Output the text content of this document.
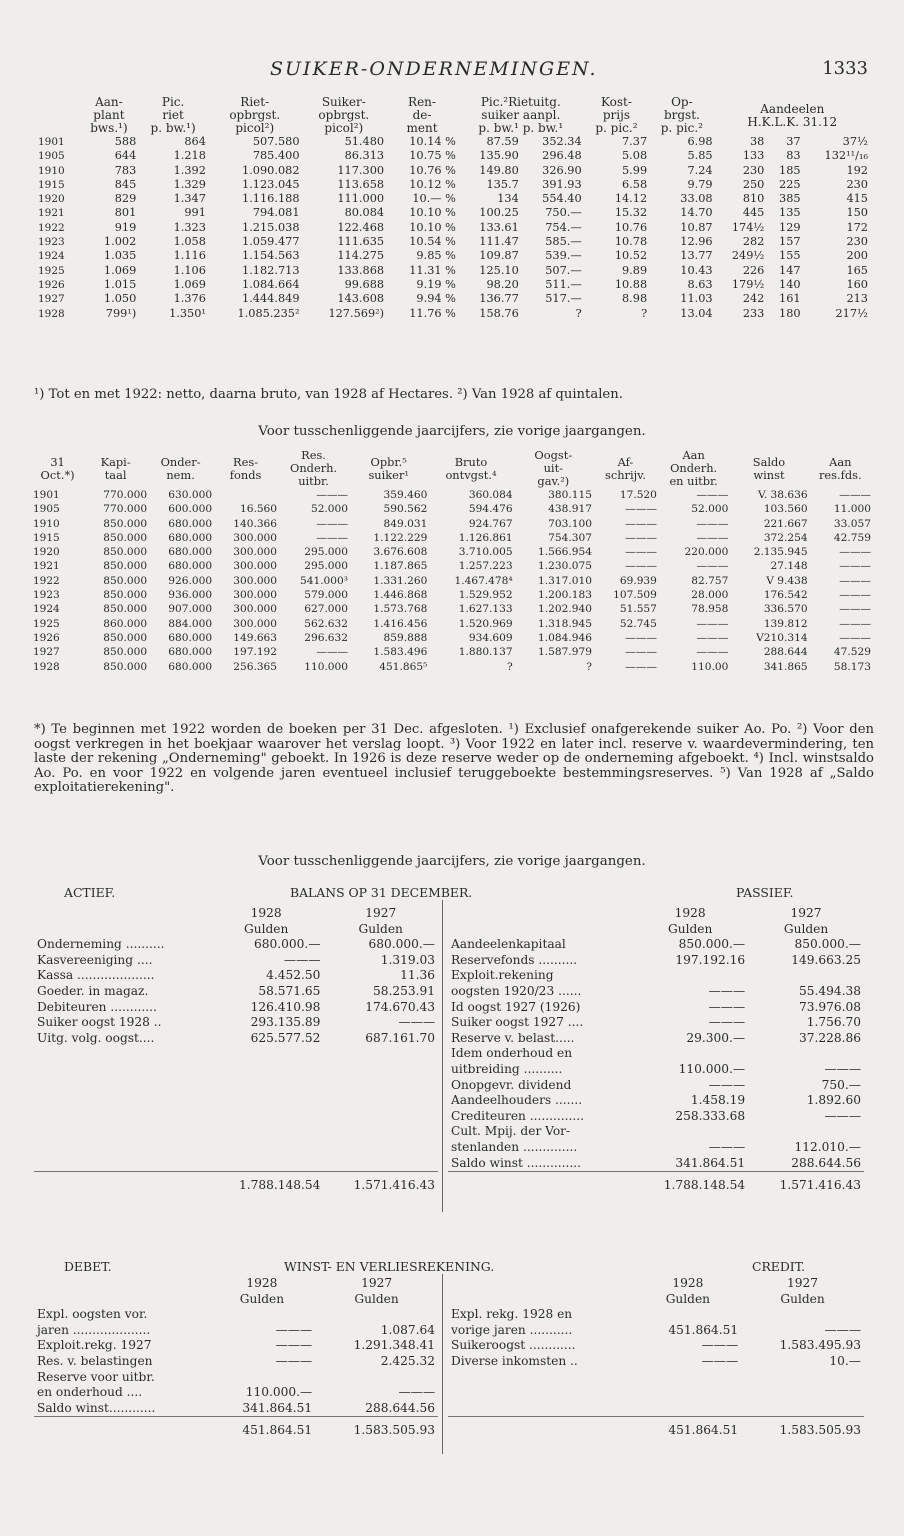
SUIKER-ONDERNEMINGEN.	1333
	Aan-
plant
bws.¹)	Pic.
riet
p. bw.¹)	Riet-
opbrgst.
picol²)	Suiker-
opbrgst.
picol²)	Ren-
de-
ment	Pic.²Rietuitg.
suiker aanpl.
p. bw.¹ p. bw.¹		Kost-
prijs
p. pic.²	Op-
brgst.
p. pic.²	Aandeelen
H.K.L.K. 31.12		
1901	588	864	507.580	51.480	10.14 %	87.59	352.34	7.37	6.98	38	37	37½
1905	644	1.218	785.400	86.313	10.75 %	135.90	296.48	5.08	5.85	133	83	132¹¹/₁₆
1910	783	1.392	1.090.082	117.300	10.76 %	149.80	326.90	5.99	7.24	230	185	192
1915	845	1.329	1.123.045	113.658	10.12 %	135.7	391.93	6.58	9.79	250	225	230
1920	829	1.347	1.116.188	111.000	10.— %	134	554.40	14.12	33.08	810	385	415
1921	801	991	794.081	80.084	10.10 %	100.25	750.—	15.32	14.70	445	135	150
1922	919	1.323	1.215.038	122.468	10.10 %	133.61	754.—	10.76	10.87	174½	129	172
1923	1.002	1.058	1.059.477	111.635	10.54 %	111.47	585.—	10.78	12.96	282	157	230
1924	1.035	1.116	1.154.563	114.275	9.85 %	109.87	539.—	10.52	13.77	249½	155	200
1925	1.069	1.106	1.182.713	133.868	11.31 %	125.10	507.—	9.89	10.43	226	147	165
1926	1.015	1.069	1.084.664	99.688	9.19 %	98.20	511.—	10.88	8.63	179½	140	160
1927	1.050	1.376	1.444.849	143.608	9.94 %	136.77	517.—	8.98	11.03	242	161	213
1928	799¹)	1.350¹	1.085.235²	127.569²)	11.76 %	158.76	?	?	13.04	233	180	217½
¹) Tot en met 1922: netto, daarna bruto, van 1928 af Hectares. ²) Van 1928 af quintalen.
Voor tusschenliggende jaarcijfers, zie vorige jaargangen.
31
Oct.*)	Kapi-
taal	Onder-
nem.	Res-
fonds	Res.
Onderh.
uitbr.	Opbr.⁵
suiker¹	Bruto
ontvgst.⁴	Oogst-
uit-
gav.²)	Af-
schrijv.	Aan
Onderh.
en uitbr.	Saldo
winst	Aan
res.fds.
1901	770.000	630.000		———	359.460	360.084	380.115	17.520	———	V. 38.636	———
1905	770.000	600.000	16.560	52.000	590.562	594.476	438.917	———	52.000	103.560	11.000
1910	850.000	680.000	140.366	———	849.031	924.767	703.100	———	———	221.667	33.057
1915	850.000	680.000	300.000	———	1.122.229	1.126.861	754.307	———	———	372.254	42.759
1920	850.000	680.000	300.000	295.000	3.676.608	3.710.005	1.566.954	———	220.000	2.135.945	———
1921	850.000	680.000	300.000	295.000	1.187.865	1.257.223	1.230.075	———	———	27.148	———
1922	850.000	926.000	300.000	541.000³	1.331.260	1.467.478⁴	1.317.010	69.939	82.757	V 9.438	———
1923	850.000	936.000	300.000	579.000	1.446.868	1.529.952	1.200.183	107.509	28.000	176.542	———
1924	850.000	907.000	300.000	627.000	1.573.768	1.627.133	1.202.940	51.557	78.958	336.570	———
1925	860.000	884.000	300.000	562.632	1.416.456	1.520.969	1.318.945	52.745	———	139.812	———
1926	850.000	680.000	149.663	296.632	859.888	934.609	1.084.946	———	———	V210.314	———
1927	850.000	680.000	197.192	———	1.583.496	1.880.137	1.587.979	———	———	288.644	47.529
1928	850.000	680.000	256.365	110.000	451.865⁵	?	?	———	110.00	341.865	58.173
*) Te beginnen met 1922 worden de boeken per 31 Dec. afgesloten. ¹) Exclusief onafgerekende suiker Ao. Po. ²) Voor den oogst verkregen in het boekjaar waarover het verslag loopt. ³) Voor 1922 en later incl. reserve v. waardevermindering, ten laste der rekening „Onderneming" geboekt. In 1926 is deze reserve weder op de onderneming afgeboekt. ⁴) Incl. winstsaldo Ao. Po. en voor 1922 en volgende jaren eventueel inclusief teruggeboekte bestemmingsreserves. ⁵) Van 1928 af „Saldo exploitatierekening".
Voor tusschenliggende jaarcijfers, zie vorige jaargangen.
ACTIEF.	BALANS OP 31 DECEMBER.	PASSIEF.
	1928	1927
	Gulden	Gulden
Onderneming ..........	680.000.—	680.000.—
Kasvereeniging ....	———	1.319.03
Kassa ....................	4.452.50	11.36
Goeder. in magaz.	58.571.65	58.253.91
Debiteuren ............	126.410.98	174.670.43
Suiker oogst 1928 ..	293.135.89	———
Uitg. volg. oogst....	625.577.52	687.161.70

	1.788.148.54	1.571.416.43
	1928	1927
	Gulden	Gulden
Aandeelenkapitaal	850.000.—	850.000.—
Reservefonds ..........	197.192.16	149.663.25
Exploit.rekening		
oogsten 1920/23 ......	———	55.494.38
Id oogst 1927 (1926)	———	73.976.08
Suiker oogst 1927 ....	———	1.756.70
Reserve v. belast.....	29.300.—	37.228.86
Idem onderhoud en		
uitbreiding ..........	110.000.—	———
Onopgevr. dividend	———	750.—
Aandeelhouders .......	1.458.19	1.892.60
Crediteuren ..............	258.333.68	———
Cult. Mpij. der Vor-		
stenlanden ..............	———	112.010.—
Saldo winst ..............	341.864.51	288.644.56
	1.788.148.54	1.571.416.43
DEBET.	WINST- EN VERLIESREKENING.	CREDIT.
	1928	1927
	Gulden	Gulden
Expl. oogsten vor.		
jaren ....................	———	1.087.64
Exploit.rekg. 1927	———	1.291.348.41
Res. v. belastingen	———	2.425.32
Reserve voor uitbr.		
en onderhoud ....	110.000.—	———
Saldo winst............	341.864.51	288.644.56
	451.864.51	1.583.505.93
	1928	1927
	Gulden	Gulden
Expl. rekg. 1928 en		
vorige jaren ...........	451.864.51	———
Suikeroogst ............	———	1.583.495.93
Diverse inkomsten ..	———	10.—

	451.864.51	1.583.505.93
